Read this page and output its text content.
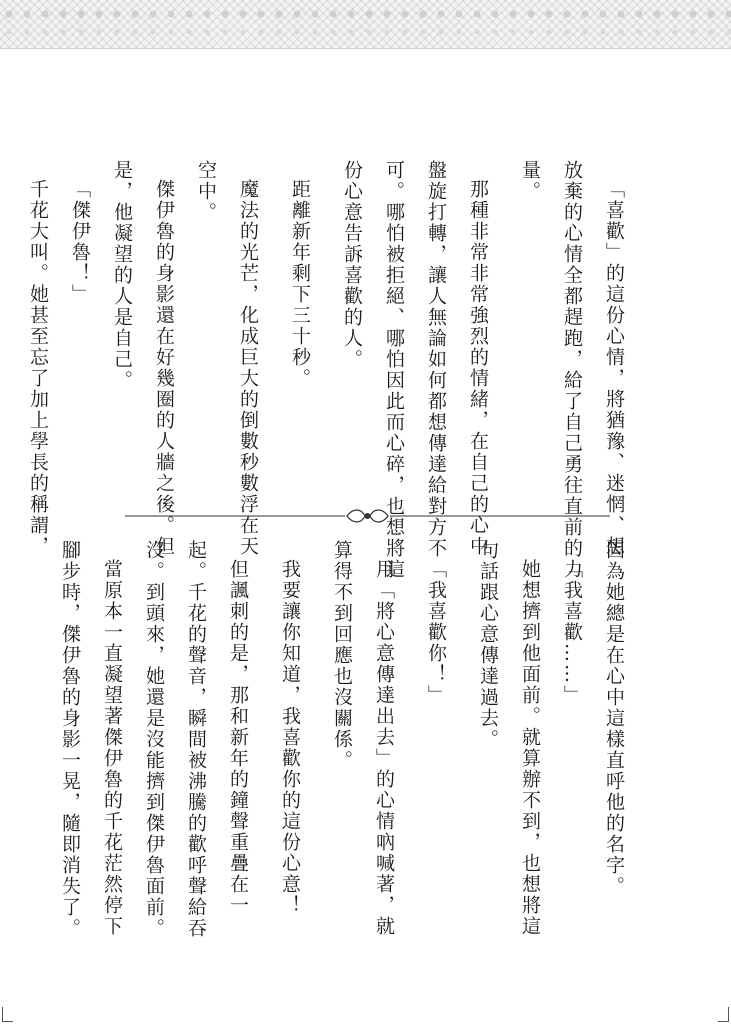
「喜歡」的這份心情，將猶豫、迷惘、想

放棄的心情全都趕跑，給了自己勇往直前的力

量。

那種非常非常強烈的情緒，在自己的心中

盤旋打轉，讓人無論如何都想傳達給對方不

可。哪怕被拒絕、哪怕因此而心碎，也想將這

份心意告訴喜歡的人。

距離新年剩下三十秒。

魔法的光芒，化成巨大的倒數秒數浮在天

空中。

傑伊魯的身影還在好幾圈的人牆之後。但

是，他凝望的人是自己。

「傑伊魯！」

千花大叫。她甚至忘了加上學長的稱謂，

因為她總是在心中這樣直呼他的名字。

「我喜歡……」

她想擠到他面前。就算辦不到，也想將這

句話跟心意傳達過去。

「我喜歡你！」

用「將心意傳達出去」的心情吶喊著，就

算得不到回應也沒關係。

我要讓你知道，我喜歡你的這份心意！

但諷刺的是，那和新年的鐘聲重疊在一

起。千花的聲音，瞬間被沸騰的歡呼聲給吞

沒。到頭來，她還是沒能擠到傑伊魯面前。

當原本一直凝望著傑伊魯的千花茫然停下

腳步時，傑伊魯的身影一晃，隨即消失了。
